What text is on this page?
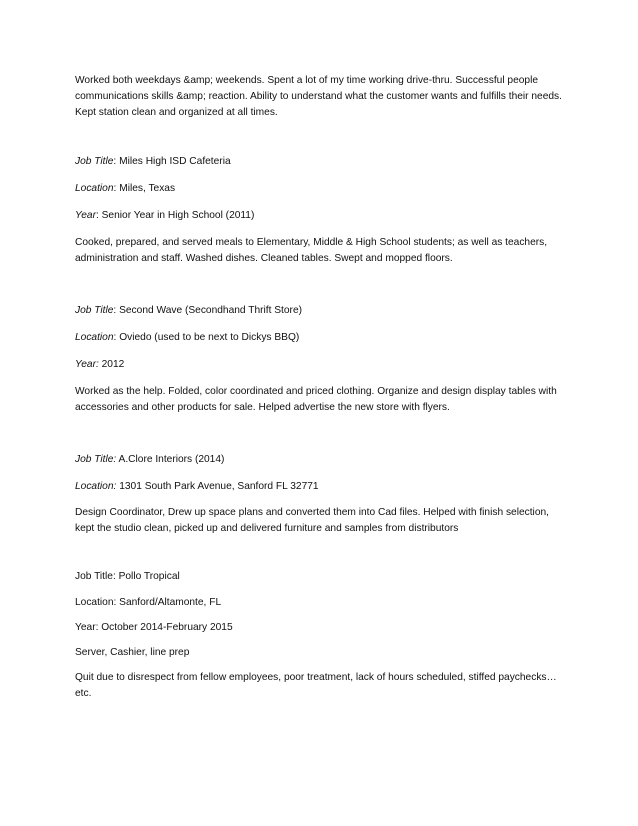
Worked both weekdays &amp; weekends. Spent a lot of my time working drive-thru. Successful people communications skills &amp; reaction. Ability to understand what the customer wants and fulfills their needs. Kept station clean and organized at all times.

Job Title: Miles High ISD Cafeteria

Location: Miles, Texas

Year: Senior Year in High School (2011)

Cooked, prepared, and served meals to Elementary, Middle & High School students; as well as teachers, administration and staff. Washed dishes. Cleaned tables. Swept and mopped floors.

Job Title: Second Wave (Secondhand Thrift Store)

Location: Oviedo (used to be next to Dickys BBQ)

Year: 2012

Worked as the help. Folded, color coordinated and priced clothing. Organize and design display tables with accessories and other products for sale. Helped advertise the new store with flyers.

Job Title: A.Clore Interiors (2014)

Location: 1301 South Park Avenue, Sanford FL 32771

Design Coordinator, Drew up space plans and converted them into Cad files. Helped with finish selection, kept the studio clean, picked up and delivered furniture and samples from distributors

Job Title: Pollo Tropical

Location: Sanford/Altamonte, FL

Year: October 2014-February 2015

Server, Cashier, line prep

Quit due to disrespect from fellow employees, poor treatment, lack of hours scheduled, stiffed paychecks… etc.
